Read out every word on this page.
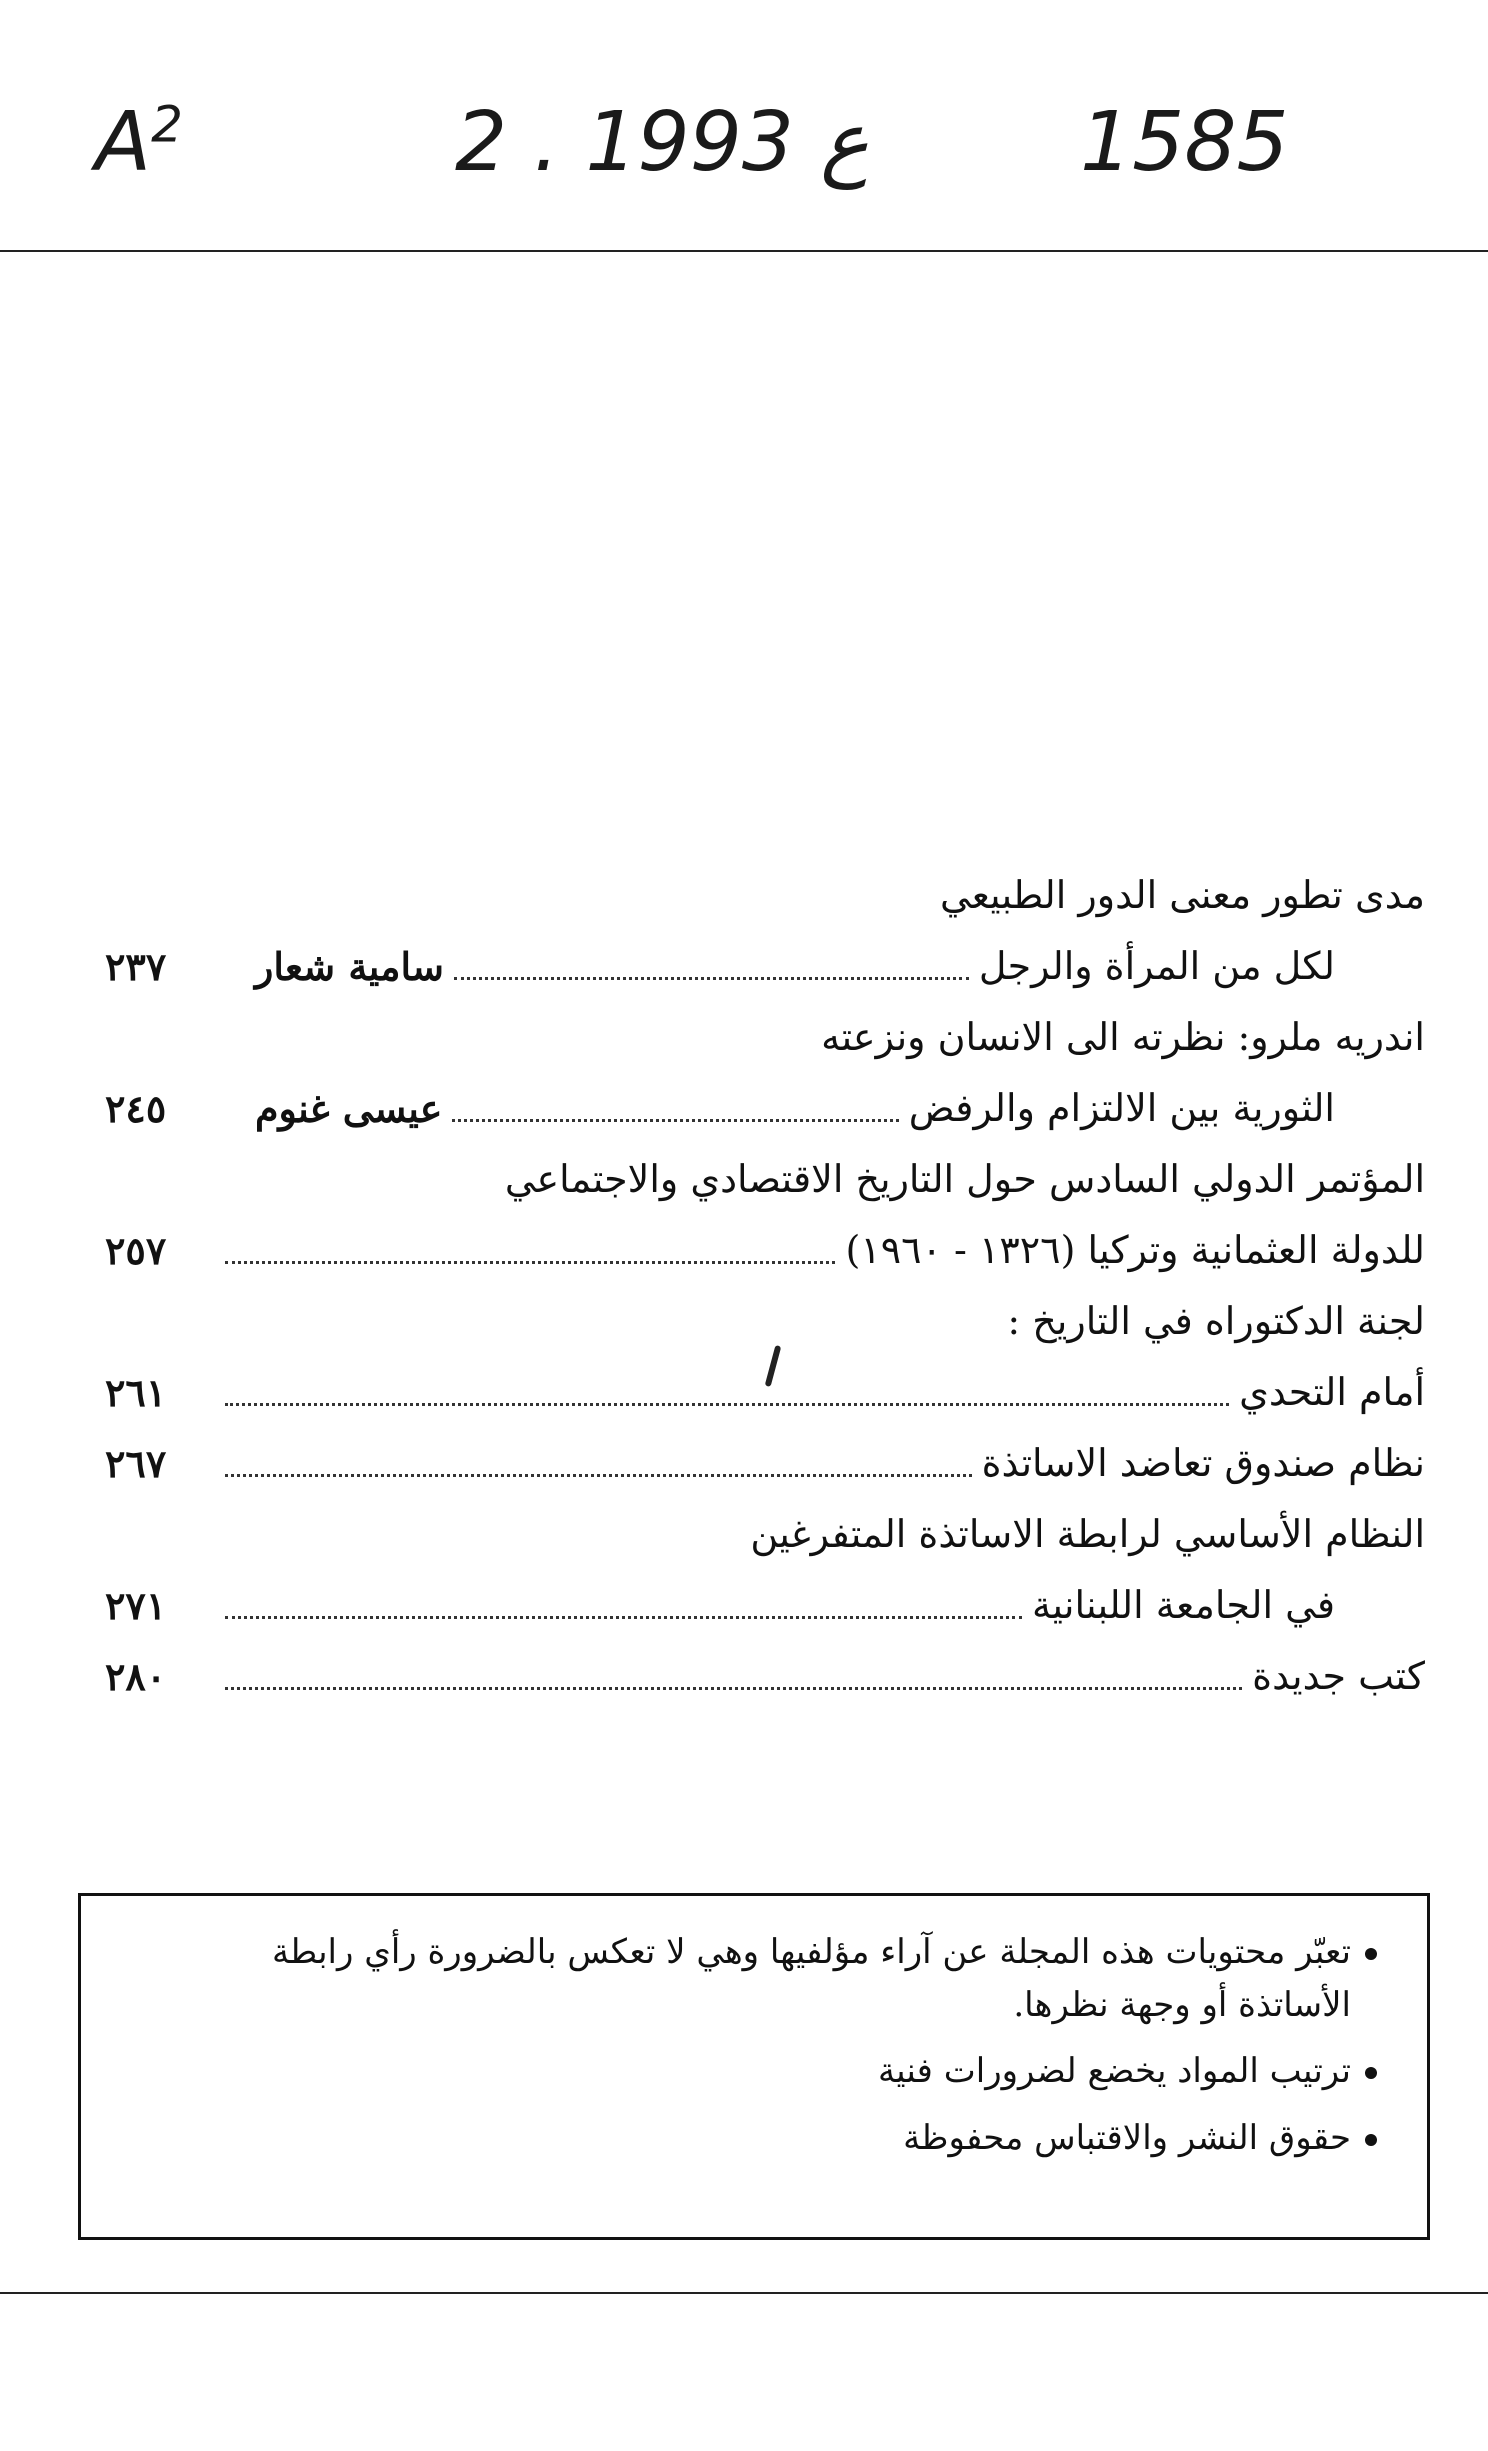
$A^2$	2 . ع 1993	1585
مدى تطور معنى الدور الطبيعي
لكل من المرأة والرجل
سامية شعار
٢٣٧
اندريه ملرو: نظرته الى الانسان ونزعته
الثورية بين الالتزام والرفض
عيسى غنوم
٢٤٥
المؤتمر الدولي السادس حول التاريخ الاقتصادي والاجتماعي
للدولة العثمانية وتركيا (١٣٢٦ - ١٩٦٠)
٢٥٧
لجنة الدكتوراه في التاريخ :
أمام التحدي
٢٦١
نظام صندوق تعاضد الاساتذة
٢٦٧
النظام الأساسي لرابطة الاساتذة المتفرغين
في الجامعة اللبنانية
٢٧١
كتب جديدة
٢٨٠
تعبّر محتويات هذه المجلة عن آراء مؤلفيها وهي لا تعكس بالضرورة رأي رابطة
الأساتذة أو وجهة نظرها.
ترتيب المواد يخضع لضرورات فنية
حقوق النشر والاقتباس محفوظة
